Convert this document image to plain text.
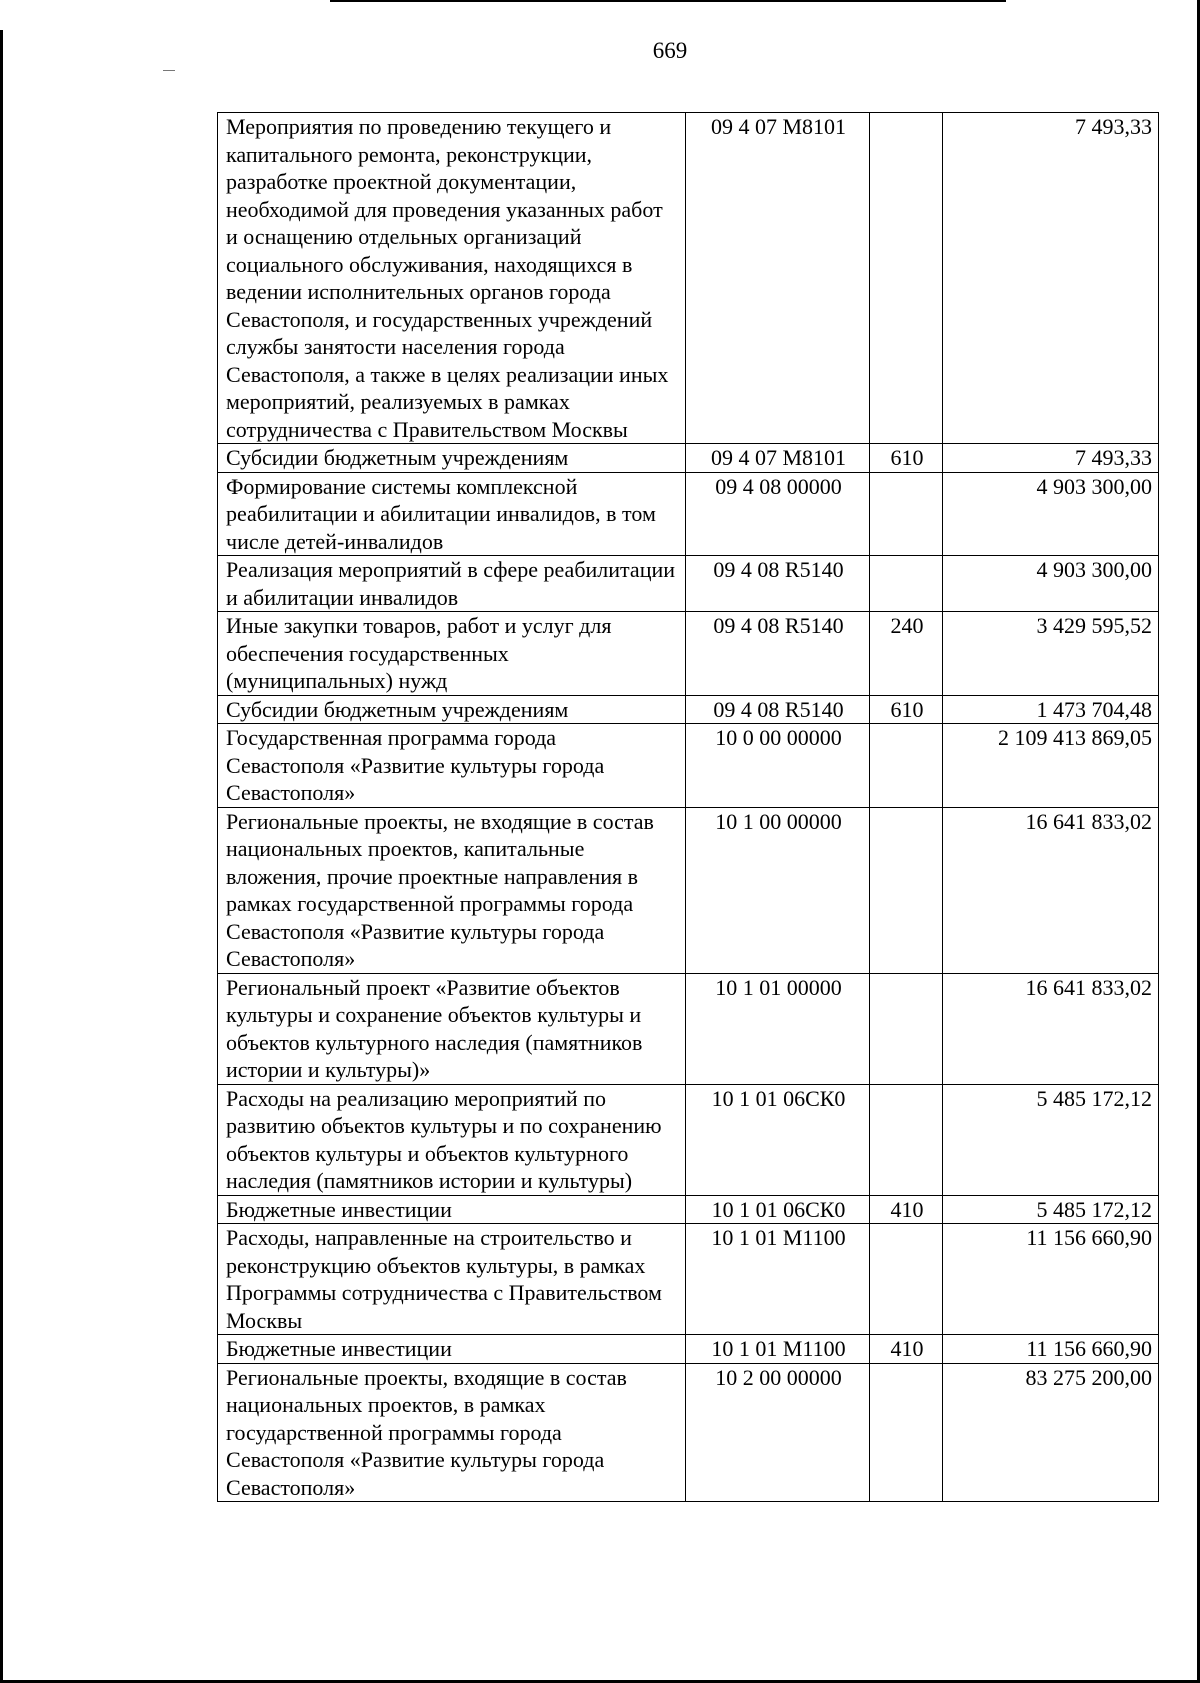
669
Мероприятия по проведению текущего и капитального ремонта, реконструкции, разработке проектной документации, необходимой для проведения указанных работ и оснащению отдельных организаций социального обслуживания, находящихся в ведении исполнительных органов города Севастополя, и государственных учреждений службы занятости населения города Севастополя, а также в целях реализации иных мероприятий, реализуемых в рамках сотрудничества с Правительством Москвы	09 4 07 M8101		7 493,33
Субсидии бюджетным учреждениям	09 4 07 M8101	610	7 493,33
Формирование системы комплексной реабилитации и абилитации инвалидов, в том числе детей-инвалидов	09 4 08 00000		4 903 300,00
Реализация мероприятий в сфере реабилитации и абилитации инвалидов	09 4 08 R5140		4 903 300,00
Иные закупки товаров, работ и услуг для обеспечения государственных (муниципальных) нужд	09 4 08 R5140	240	3 429 595,52
Субсидии бюджетным учреждениям	09 4 08 R5140	610	1 473 704,48
Государственная программа города Севастополя «Развитие культуры города Севастополя»	10 0 00 00000		2 109 413 869,05
Региональные проекты, не входящие в состав национальных проектов, капитальные вложения, прочие проектные направления в рамках государственной программы города Севастополя «Развитие культуры города Севастополя»	10 1 00 00000		16 641 833,02
Региональный проект «Развитие объектов культуры и сохранение объектов культуры и объектов культурного наследия (памятников истории и культуры)»	10 1 01 00000		16 641 833,02
Расходы на реализацию мероприятий по развитию объектов культуры и по сохранению объектов культуры и объектов культурного наследия (памятников истории и культуры)	10 1 01 06СК0		5 485 172,12
Бюджетные инвестиции	10 1 01 06СК0	410	5 485 172,12
Расходы, направленные на строительство и реконструкцию объектов культуры, в рамках Программы сотрудничества с Правительством Москвы	10 1 01 M1100		11 156 660,90
Бюджетные инвестиции	10 1 01 M1100	410	11 156 660,90
Региональные проекты, входящие в состав национальных проектов, в рамках государственной программы города Севастополя «Развитие культуры города Севастополя»	10 2 00 00000		83 275 200,00
